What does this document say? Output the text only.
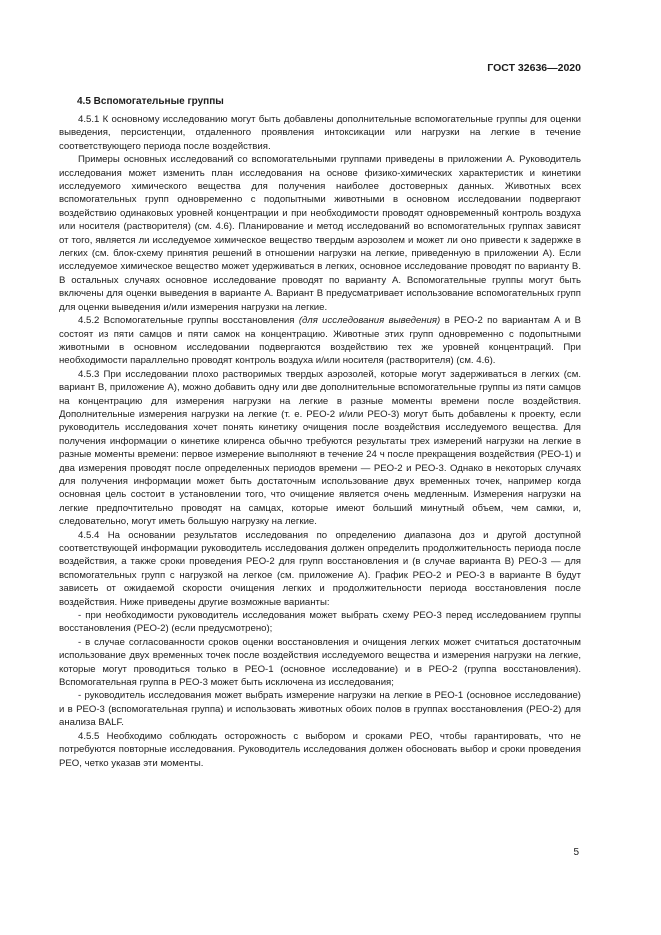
ГОСТ 32636—2020
4.5 Вспомогательные группы

4.5.1 К основному исследованию могут быть добавлены дополнительные вспомогательные группы для оценки выведения, персистенции, отдаленного проявления интоксикации или нагрузки на легкие в течение соответствующего периода после воздействия.

Примеры основных исследований со вспомогательными группами приведены в приложении А. Руководитель исследования может изменить план исследования на основе физико-химических характеристик и кинетики исследуемого химического вещества для получения наиболее достоверных данных. Животных всех вспомогательных групп одновременно с подопытными животными в основном исследовании подвергают воздействию одинаковых уровней концентрации и при необходимости проводят одновременный контроль воздуха или носителя (растворителя) (см. 4.6). Планирование и метод исследований во вспомогательных группах зависят от того, является ли исследуемое химическое вещество твердым аэрозолем и может ли оно привести к задержке в легких (см. блок-схему принятия решений в отношении нагрузки на легкие, приведенную в приложении А). Если исследуемое химическое вещество может удерживаться в легких, основное исследование проводят по варианту В. В остальных случаях основное исследование проводят по варианту А. Вспомогательные группы могут быть включены для оценки выведения в варианте А. Вариант В предусматривает использование вспомогательных групп для оценки выведения и/или измерения нагрузки на легкие.

4.5.2 Вспомогательные группы восстановления (для исследования выведения) в РЕО-2 по вариантам А и В состоят из пяти самцов и пяти самок на концентрацию. Животные этих групп одновременно с подопытными животными в основном исследовании подвергаются воздействию тех же уровней концентраций. При необходимости параллельно проводят контроль воздуха и/или носителя (растворителя) (см. 4.6).

4.5.3 При исследовании плохо растворимых твердых аэрозолей, которые могут задерживаться в легких (см. вариант В, приложение А), можно добавить одну или две дополнительные вспомогательные группы из пяти самцов на концентрацию для измерения нагрузки на легкие в разные моменты времени после воздействия. Дополнительные измерения нагрузки на легкие (т. е. РЕО-2 и/или РЕО-3) могут быть добавлены к проекту, если руководитель исследования хочет понять кинетику очищения после воздействия исследуемого вещества. Для получения информации о кинетике клиренса обычно требуются результаты трех измерений нагрузки на легкие в разные моменты времени: первое измерение выполняют в течение 24 ч после прекращения воздействия (РЕО-1) и два измерения проводят после определенных периодов времени — РЕО-2 и РЕО-3. Однако в некоторых случаях для получения информации может быть достаточным использование двух временных точек, например когда основная цель состоит в установлении того, что очищение является очень медленным. Измерения нагрузки на легкие предпочтительно проводят на самцах, которые имеют больший минутный объем, чем самки, и, следовательно, могут иметь большую нагрузку на легкие.

4.5.4 На основании результатов исследования по определению диапазона доз и другой доступной соответствующей информации руководитель исследования должен определить продолжительность периода после воздействия, а также сроки проведения РЕО-2 для групп восстановления и (в случае варианта В) РЕО-3 — для вспомогательных групп с нагрузкой на легкое (см. приложение А). График РЕО-2 и РЕО-3 в варианте В будут зависеть от ожидаемой скорости очищения легких и продолжительности периода восстановления после воздействия. Ниже приведены другие возможные варианты:

- при необходимости руководитель исследования может выбрать схему РЕО-3 перед исследованием группы восстановления (РЕО-2) (если предусмотрено);

- в случае согласованности сроков оценки восстановления и очищения легких может считаться достаточным использование двух временных точек после воздействия исследуемого вещества и измерения нагрузки на легкие, которые могут проводиться только в РЕО-1 (основное исследование) и в РЕО-2 (группа восстановления). Вспомогательная группа в РЕО-3 может быть исключена из исследования;

- руководитель исследования может выбрать измерение нагрузки на легкие в РЕО-1 (основное исследование) и в РЕО-3 (вспомогательная группа) и использовать животных обоих полов в группах восстановления (РЕО-2) для анализа BALF.

4.5.5 Необходимо соблюдать осторожность с выбором и сроками РЕО, чтобы гарантировать, что не потребуются повторные исследования. Руководитель исследования должен обосновать выбор и сроки проведения РЕО, четко указав эти моменты.

5
